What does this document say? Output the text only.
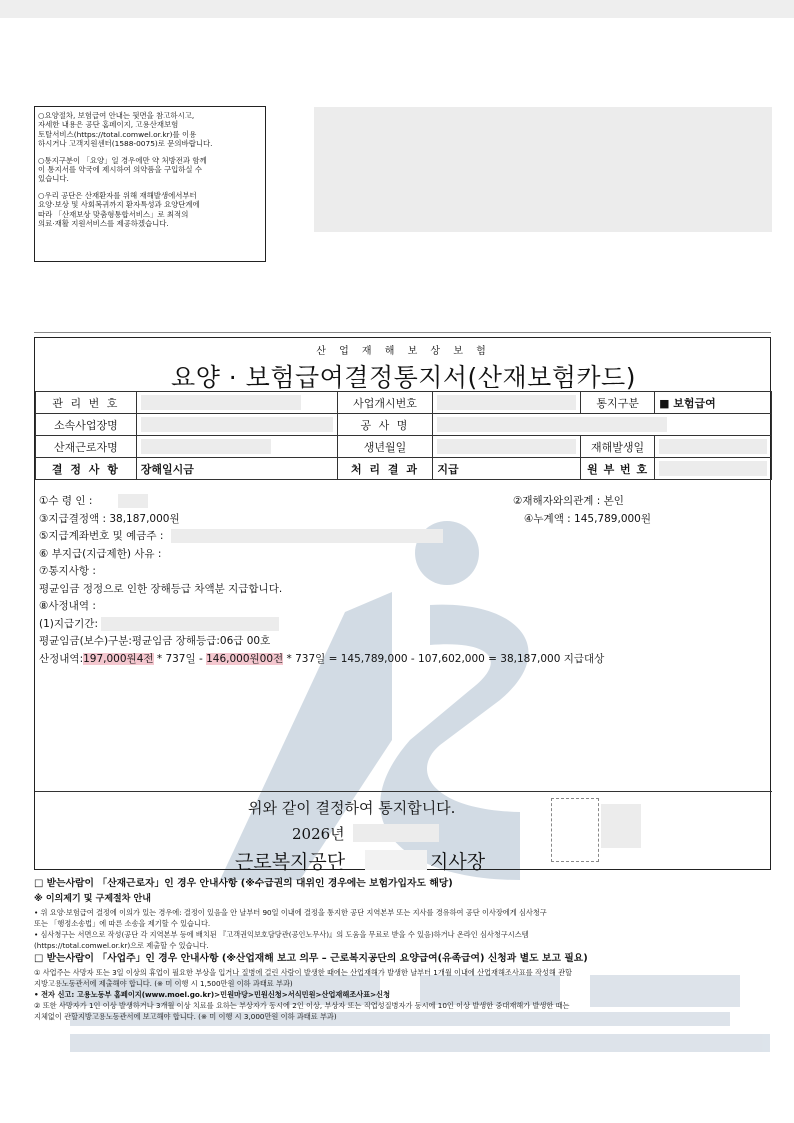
○요양절차, 보험급여 안내는 뒷면을 참고하시고,
자세한 내용은 공단 홈페이지, 고용산재보험
토탈서비스(https://total.comwel.or.kr)를 이용
하시거나 고객지원센터(1588-0075)로 문의바랍니다.

○통지구분이 「요양」일 경우에만 약 처방전과 함께
이 통지서를 약국에 제시하여 의약품을 구입하실 수
있습니다.

○우리 공단은 산재환자를 위해 재해발생에서부터
요양·보상 및 사회복귀까지 환자특성과 요양단계에
따라 「산재보상 맞춤형통합서비스」로 최적의
의료·재활 지원서비스를 제공하겠습니다.

산 업 재 해 보 상 보 험
요양 · 보험급여결정통지서(산재보험카드)
관 리 번 호		사업개시번호		통지구분	■ 보험급여
소속사업장명		공 사 명			

산재근로자명		생년월일		재해발생일	

결 정 사 항	장해일시금	처 리 결 과	지급	원 부 번 호	
①수 령 인 :	②재해자와의관계 : 본인
③지급결정액 : 38,187,000원	④누계액 : 145,789,000원
⑤지급계좌번호 및 예금주 :
⑥ 부지급(지급제한) 사유 :
⑦통지사항 :
평균임금 정정으로 인한 장해등급 차액분 지급합니다.
⑧사정내역 :
(1)지급기간:
평균임금(보수)구분:평균임금 장해등급:06급 00호
산정내역:197,000원4전 * 737일 - 146,000원00전 * 737일 = 145,789,000 - 107,602,000 = 38,187,000 지급대상
위와 같이 결정하여 통지합니다.
2026년
근로복지공단	지사장
□ 받는사람이 「산재근로자」인 경우 안내사항 (※수급권의 대위인 경우에는 보험가입자도 해당)
※ 이의제기 및 구제절차 안내
• 위 요양·보험급여 결정에 이의가 있는 경우에: 결정이 있음을 안 날부터 90일 이내에 결정을 통지한 공단 지역본부 또는 지사를 경유하여 공단 이사장에게 심사청구
또는 「행정소송법」에 따른 소송을 제기할 수 있습니다.
• 심사청구는 서면으로 작성(공단 각 지역본부 등에 배치된 『고객권익보호담당관(공인노무사)』의 도움을 무료로 받을 수 있음)하거나 온라인 심사청구시스템
(https://total.comwel.or.kr)으로 제출할 수 있습니다.
□ 받는사람이 「사업주」인 경우 안내사항 (※산업재해 보고 의무 – 근로복지공단의 요양급여(유족급여) 신청과 별도 보고 필요)
① 사업주는 사망자 또는 3일 이상의 휴업이 필요한 부상을 입거나 질병에 걸린 사람이 발생한 때에는 산업재해가 발생한 날부터 1개월 이내에 산업재해조사표를 작성해 관할
지방고용노동관서에 제출해야 합니다. (※ 미 이행 시 1,500만원 이하 과태료 부과)
• 전자 신고: 고용노동부 홈페이지(www.moel.go.kr)>민원마당>민원신청>서식민원>산업재해조사표>신청
② 또한 사망자가 1인 이상 발생하거나 3개월 이상 치료를 요하는 부상자가 동시에 2인 이상, 부상자 또는 직업성질병자가 동시에 10인 이상 발생한 중대재해가 발생한 때는
지체없이 관할지방고용노동관서에 보고해야 합니다. (※ 미 이행 시 3,000만원 이하 과태료 부과)
